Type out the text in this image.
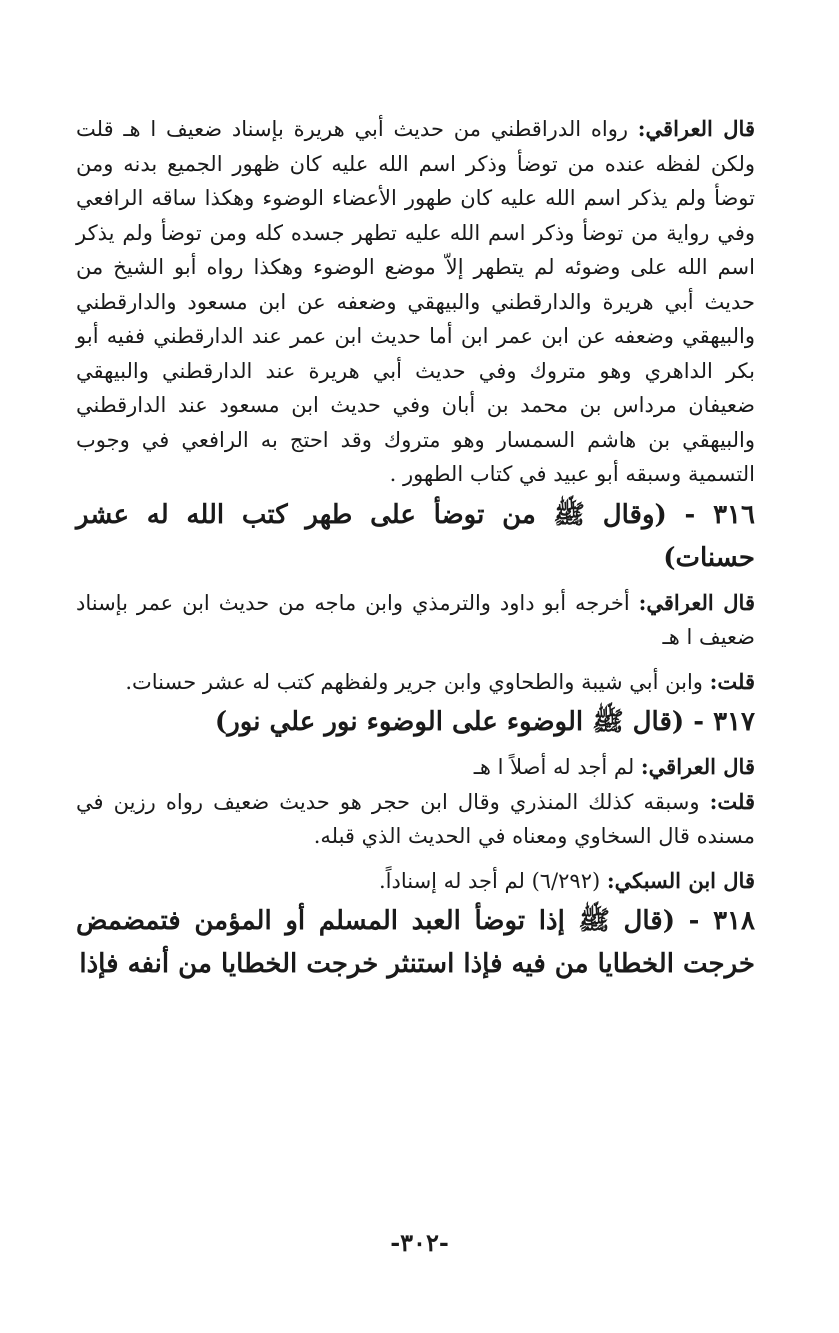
قال العراقي: رواه الدراقطني من حديث أبي هريرة بإسناد ضعيف ا هـ قلت ولكن لفظه عنده من توضأ وذكر اسم الله عليه كان ظهور الجميع بدنه ومن توضأ ولم يذكر اسم الله عليه كان طهور الأعضاء الوضوء وهكذا ساقه الرافعي وفي رواية من توضأ وذكر اسم الله عليه تطهر جسده كله ومن توضأ ولم يذكر اسم الله على وضوئه لم يتطهر إلاّ موضع الوضوء وهكذا رواه أبو الشيخ من حديث أبي هريرة والدارقطني والبيهقي وضعفه عن ابن مسعود والدارقطني والبيهقي وضعفه عن ابن عمر ابن أما حديث ابن عمر عند الدارقطني ففيه أبو بكر الداهري وهو متروك وفي حديث أبي هريرة عند الدارقطني والبيهقي ضعيفان مرداس بن محمد بن أبان وفي حديث ابن مسعود عند الدارقطني والبيهقي بن هاشم السمسار وهو متروك وقد احتج به الرافعي في وجوب التسمية وسبقه أبو عبيد في كتاب الطهور .

٣١٦ - (وقال ﷺ من توضأ على طهر كتب الله له عشر حسنات)

قال العراقي: أخرجه أبو داود والترمذي وابن ماجه من حديث ابن عمر بإسناد ضعيف ا هـ

قلت: وابن أبي شيبة والطحاوي وابن جرير ولفظهم كتب له عشر حسنات.

٣١٧ - (قال ﷺ الوضوء على الوضوء نور علي نور)

قال العراقي: لم أجد له أصلاً ا هـ

قلت: وسبقه كذلك المنذري وقال ابن حجر هو حديث ضعيف رواه رزين في مسنده قال السخاوي ومعناه في الحديث الذي قبله.

قال ابن السبكي: (٦/٢٩٢) لم أجد له إسناداً.

٣١٨ - (قال ﷺ إذا توضأ العبد المسلم أو المؤمن فتمضمض خرجت الخطايا من فيه فإذا استنثر خرجت الخطايا من أنفه فإذا

-٣٠٢-
